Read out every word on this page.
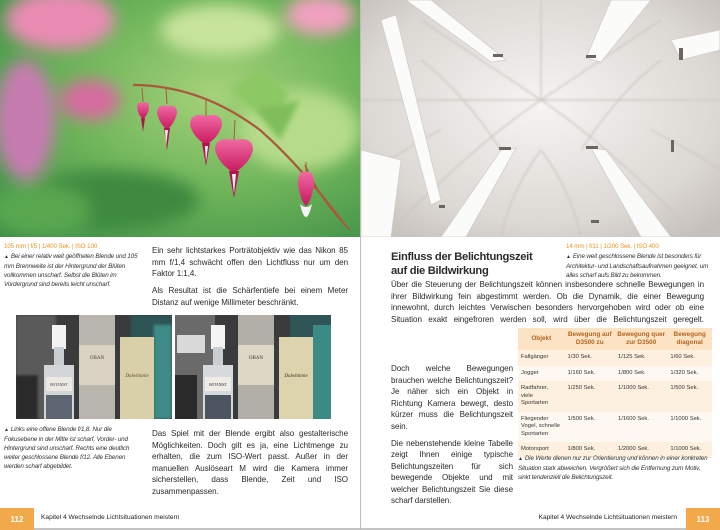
105 mm | f/5 | 1/400 Sek. | ISO 100
▲ Bei einer relativ weit geöffneten Blende und 105 mm Brennweite ist der Hintergrund der Blüten vollkommen unscharf. Selbst die Blüten im Vordergrund sind bereits leicht unscharf.

Ein sehr lichtstarkes Porträtobjektiv wie das Nikon 85 mm f/1,4 schwächt offen den Lichtfluss nur um den Faktor 1:1,4.

Als Resultat ist die Schärfentiefe bei einem Meter Distanz auf wenige Millimeter beschränkt.

OBAN
Dalwhinnie
BOTANIST
OBAN
Dalwhinnie
BOTANIST
▲ Links eine offene Blende f/1,8. Nur die Fokusebene in der Mitte ist scharf, Vorder- und Hintergrund sind unscharf. Rechts eine deutlich weiter geschlossene Blende f/12. Alle Ebenen werden scharf abgebildet.

Das Spiel mit der Blende ergibt also gestalterische Möglichkeiten. Doch gilt es ja, eine Lichtmenge zu erhalten, die zum ISO-Wert passt. Außer in der manuellen Auslöseart M wird die Kamera immer sicherstellen, dass Blende, Zeit und ISO zusammenpassen.

112	Kapitel 4 Wechselnde Lichtsituationen meistern
Einfluss der Belichtungszeit
auf die Bildwirkung
14 mm | f/11 | 1/200 Sek. | ISO 400
▲ Eine weit geschlossene Blende ist besonders für Architektur- und Landschaftsaufnahmen geeignet, um alles scharf aufs Bild zu bekommen.

Über die Steuerung der Belichtungszeit können insbesondere schnelle Bewegungen in ihrer Bildwirkung fein abgestimmt werden. Ob die Dynamik, die einer Bewegung innewohnt, durch leichtes Verwischen besonders hervorgehoben wird oder ob eine Situation exakt eingefroren werden soll, wird über die Belichtungszeit geregelt.

Objekt	Bewegung auf D3500 zu	Bewegung quer zur D3500	Bewegung diagonal
Fallgänger	1/30 Sek.	1/125 Sek.	1/60 Sek.
Jogger	1/160 Sek.	1/800 Sek.	1/320 Sek.
Radfahrer, viele Sportarten	1/250 Sek.	1/1000 Sek.	1/500 Sek.
Fliegender Vogel, schnelle Sportarten	1/500 Sek.	1/1600 Sek.	1/1000 Sek.
Motorsport	1/800 Sek.	1/2000 Sek.	1/1000 Sek.

Doch welche Bewegungen brauchen welche Belichtungszeit? Je näher sich ein Objekt in Richtung Kamera bewegt, desto kürzer muss die Belichtungszeit sein.

Die nebenstehende kleine Tabelle zeigt Ihnen einige typische Belichtungszeiten für sich bewegende Objekte und mit welcher Belichtungszeit Sie diese scharf darstellen.

▲ Die Werte dienen nur zur Orientierung und können in einer konkreten Situation stark abweichen. Vergrößert sich die Entfernung zum Motiv, sinkt tendenziell die Belichtungszeit.
Kapitel 4 Wechselnde Lichtsituationen meistern	113
